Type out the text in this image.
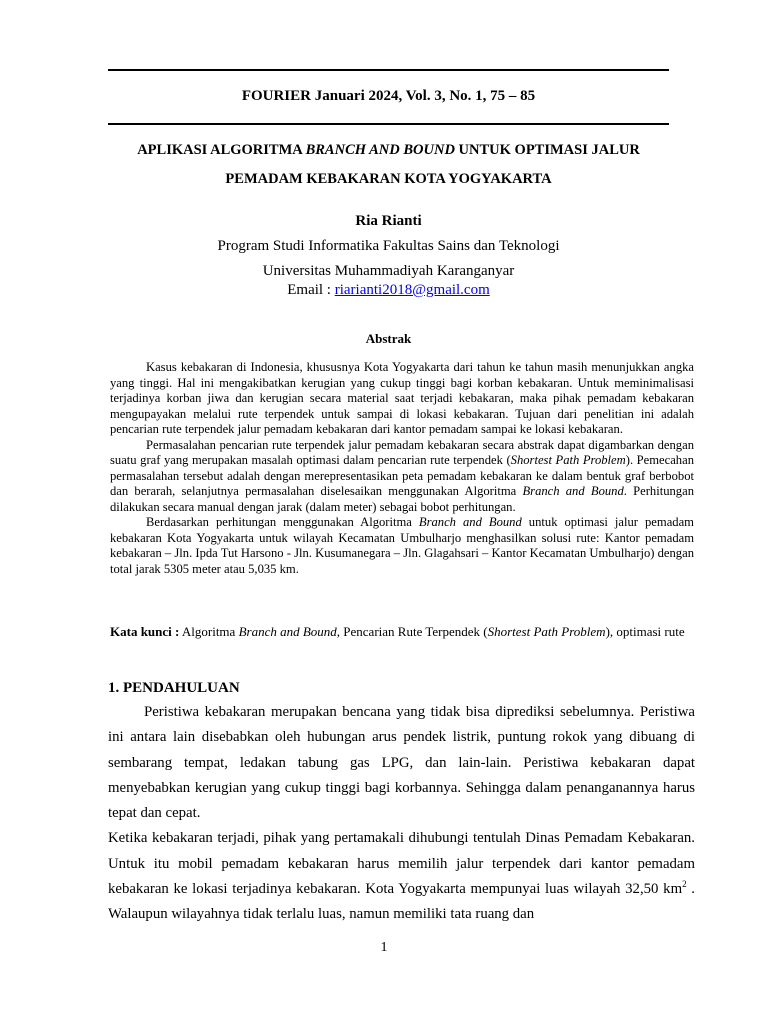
FOURIER Januari 2024, Vol. 3, No. 1, 75 – 85
APLIKASI ALGORITMA BRANCH AND BOUND UNTUK OPTIMASI JALUR
PEMADAM KEBAKARAN KOTA YOGYAKARTA
Ria Rianti
Program Studi Informatika Fakultas Sains dan Teknologi
Universitas Muhammadiyah Karanganyar
Email : riarianti2018@gmail.com
Abstrak

Kasus kebakaran di Indonesia, khususnya Kota Yogyakarta dari tahun ke tahun masih menunjukkan angka yang tinggi. Hal ini mengakibatkan kerugian yang cukup tinggi bagi korban kebakaran. Untuk meminimalisasi terjadinya korban jiwa dan kerugian secara material saat terjadi kebakaran, maka pihak pemadam kebakaran mengupayakan melalui rute terpendek untuk sampai di lokasi kebakaran. Tujuan dari penelitian ini adalah pencarian rute terpendek jalur pemadam kebakaran dari kantor pemadam sampai ke lokasi kebakaran.

Permasalahan pencarian rute terpendek jalur pemadam kebakaran secara abstrak dapat digambarkan dengan suatu graf yang merupakan masalah optimasi dalam pencarian rute terpendek (Shortest Path Problem). Pemecahan permasalahan tersebut adalah dengan merepresentasikan peta pemadam kebakaran ke dalam bentuk graf berbobot dan berarah, selanjutnya permasalahan diselesaikan menggunakan Algoritma Branch and Bound. Perhitungan dilakukan secara manual dengan jarak (dalam meter) sebagai bobot perhitungan.

Berdasarkan perhitungan menggunakan Algoritma Branch and Bound untuk optimasi jalur pemadam kebakaran Kota Yogyakarta untuk wilayah Kecamatan Umbulharjo menghasilkan solusi rute: Kantor pemadam kebakaran – Jln. Ipda Tut Harsono - Jln. Kusumanegara – Jln. Glagahsari – Kantor Kecamatan Umbulharjo) dengan total jarak 5305 meter atau 5,035 km.

Kata kunci : Algoritma Branch and Bound, Pencarian Rute Terpendek (Shortest Path Problem), optimasi rute
1. PENDAHULUAN

Peristiwa kebakaran merupakan bencana yang tidak bisa diprediksi sebelumnya. Peristiwa ini antara lain disebabkan oleh hubungan arus pendek listrik, puntung rokok yang dibuang di sembarang tempat, ledakan tabung gas LPG, dan lain-lain. Peristiwa kebakaran dapat menyebabkan kerugian yang cukup tinggi bagi korbannya. Sehingga dalam penanganannya harus tepat dan cepat.

Ketika kebakaran terjadi, pihak yang pertamakali dihubungi tentulah Dinas Pemadam Kebakaran. Untuk itu mobil pemadam kebakaran harus memilih jalur terpendek dari kantor pemadam kebakaran ke lokasi terjadinya kebakaran. Kota Yogyakarta mempunyai luas wilayah 32,50 $km^2$ . Walaupun wilayahnya tidak terlalu luas, namun memiliki tata ruang dan

1
